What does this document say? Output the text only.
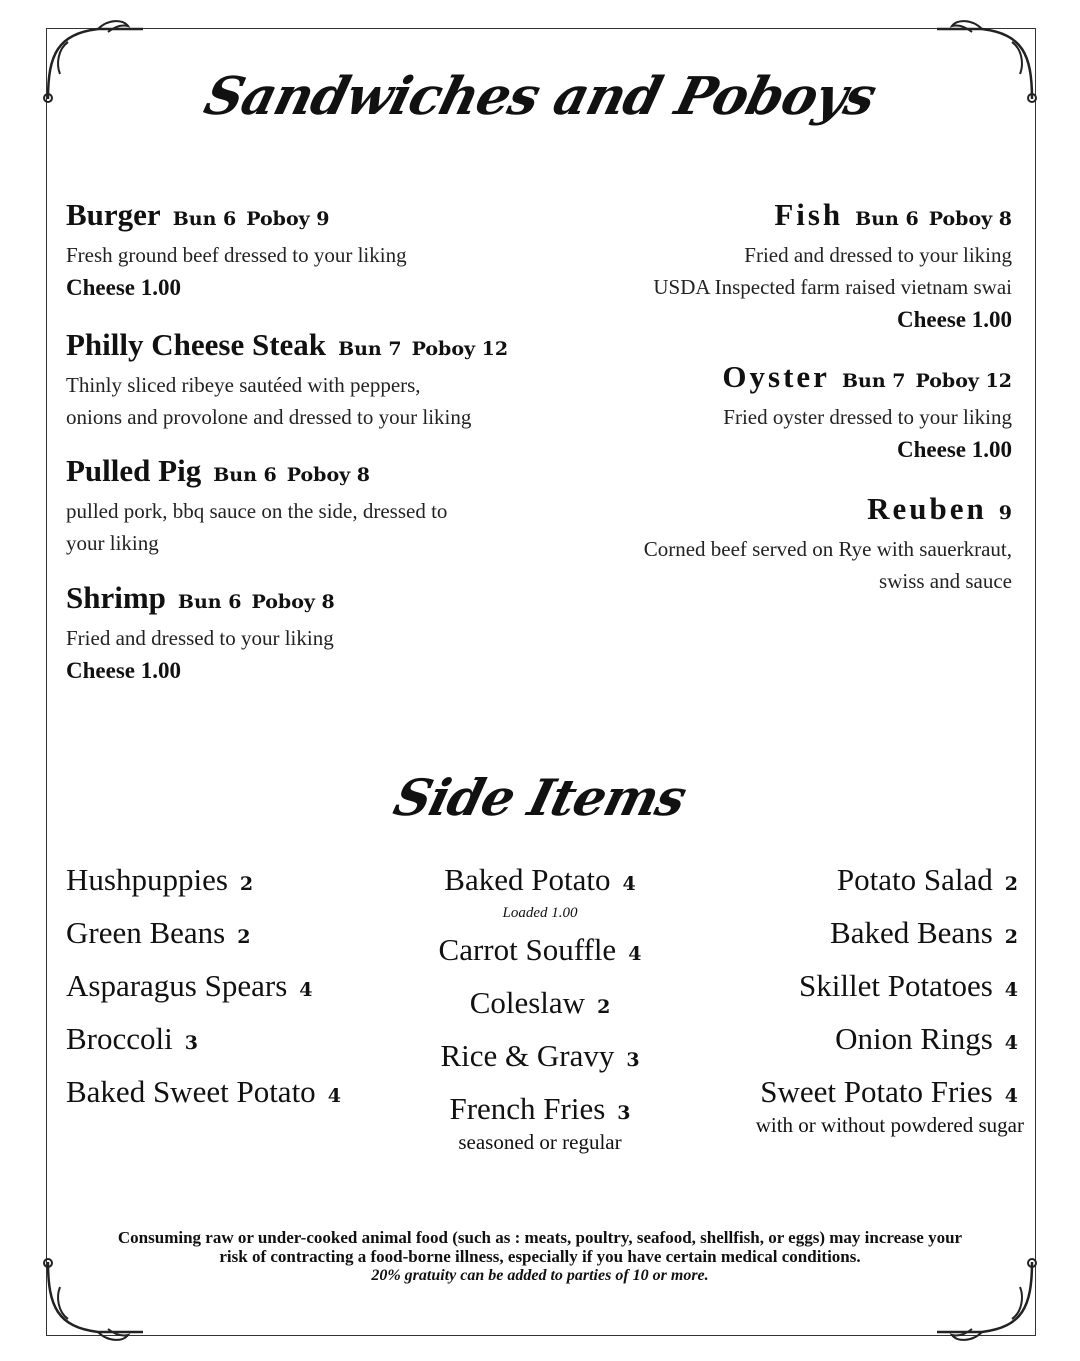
Sandwiches and Poboys
Burger Bun 6 Poboy 9
Fresh ground beef dressed to your liking
Cheese 1.00
Philly Cheese Steak Bun 7 Poboy 12
Thinly sliced ribeye sautéed with peppers,
onions and provolone and dressed to your liking
Pulled Pig Bun 6 Poboy 8
pulled pork, bbq sauce on the side, dressed to
your liking
Shrimp Bun 6 Poboy 8
Fried and dressed to your liking
Cheese 1.00
Fish Bun 6 Poboy 8
Fried and dressed to your liking
USDA Inspected farm raised vietnam swai
Cheese 1.00
Oyster Bun 7 Poboy 12
Fried oyster dressed to your liking
Cheese 1.00
Reuben 9
Corned beef served on Rye with sauerkraut,
swiss and sauce
Side Items
Hushpuppies 2
Green Beans 2
Asparagus Spears 4
Broccoli 3
Baked Sweet Potato 4
Baked Potato 4
Loaded 1.00
Carrot Souffle 4
Coleslaw 2
Rice & Gravy 3
French Fries 3
seasoned or regular
Potato Salad 2
Baked Beans 2
Skillet Potatoes 4
Onion Rings 4
Sweet Potato Fries 4
with or without powdered sugar
Consuming raw or under-cooked animal food (such as : meats, poultry, seafood, shellfish, or eggs) may increase your
risk of contracting a food-borne illness, especially if you have certain medical conditions.
20% gratuity can be added to parties of 10 or more.
